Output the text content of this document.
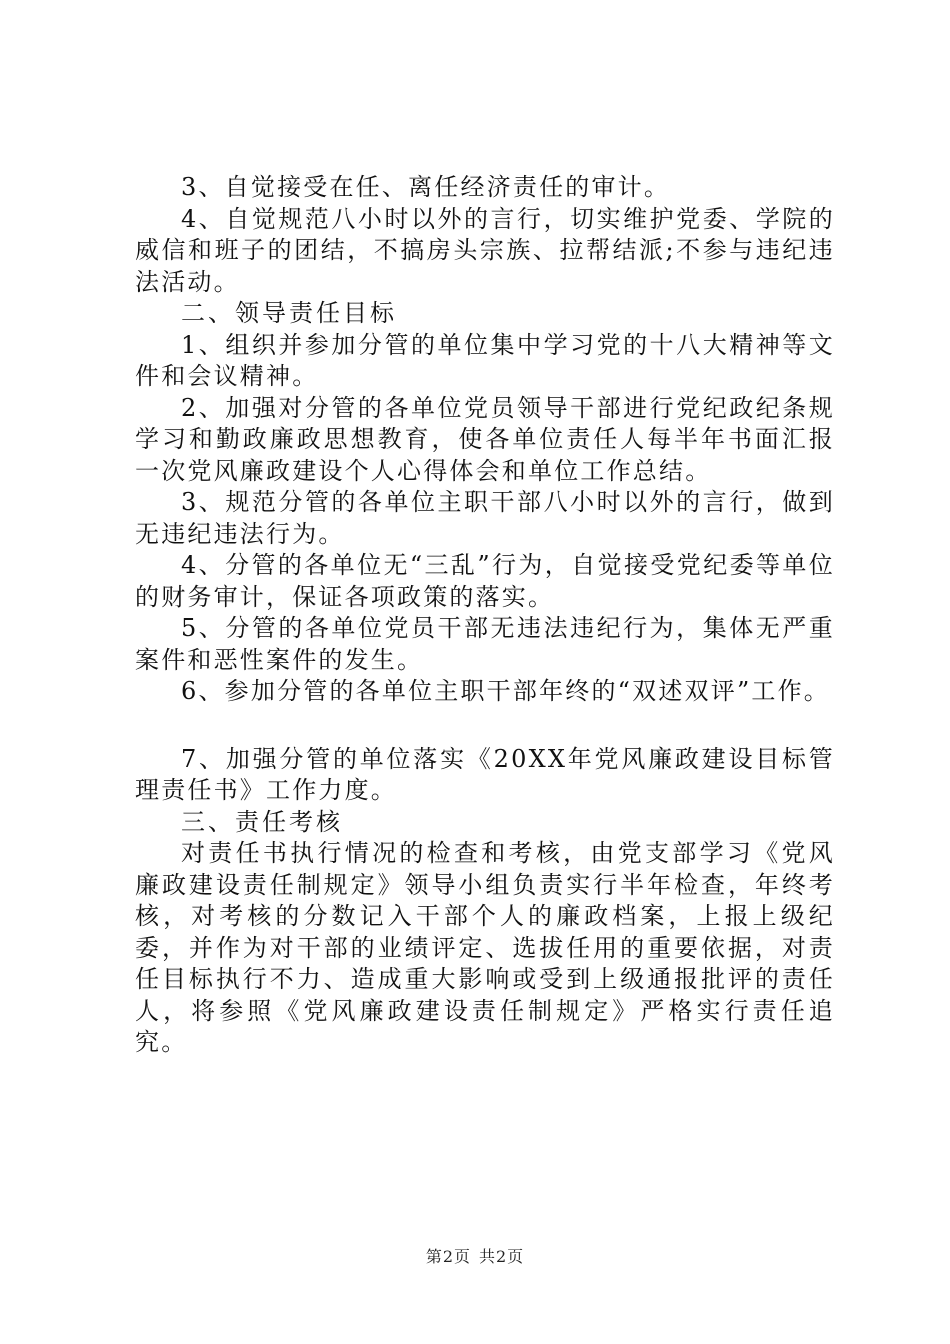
3、自觉接受在任、离任经济责任的审计。

4、自觉规范八小时以外的言行，切实维护党委、学院的威信和班子的团结，不搞房头宗族、拉帮结派;不参与违纪违法活动。

二、领导责任目标

1、组织并参加分管的单位集中学习党的十八大精神等文件和会议精神。

2、加强对分管的各单位党员领导干部进行党纪政纪条规学习和勤政廉政思想教育，使各单位责任人每半年书面汇报一次党风廉政建设个人心得体会和单位工作总结。

3、规范分管的各单位主职干部八小时以外的言行，做到无违纪违法行为。

4、分管的各单位无“三乱”行为，自觉接受党纪委等单位的财务审计，保证各项政策的落实。

5、分管的各单位党员干部无违法违纪行为，集体无严重案件和恶性案件的发生。

6、参加分管的各单位主职干部年终的“双述双评”工作。

7、加强分管的单位落实《20XX年党风廉政建设目标管理责任书》工作力度。

三、责任考核

对责任书执行情况的检查和考核，由党支部学习《党风廉政建设责任制规定》领导小组负责实行半年检查，年终考核，对考核的分数记入干部个人的廉政档案，上报上级纪委，并作为对干部的业绩评定、选拔任用的重要依据，对责任目标执行不力、造成重大影响或受到上级通报批评的责任人，将参照《党风廉政建设责任制规定》严格实行责任追究。

第2页 共2页
